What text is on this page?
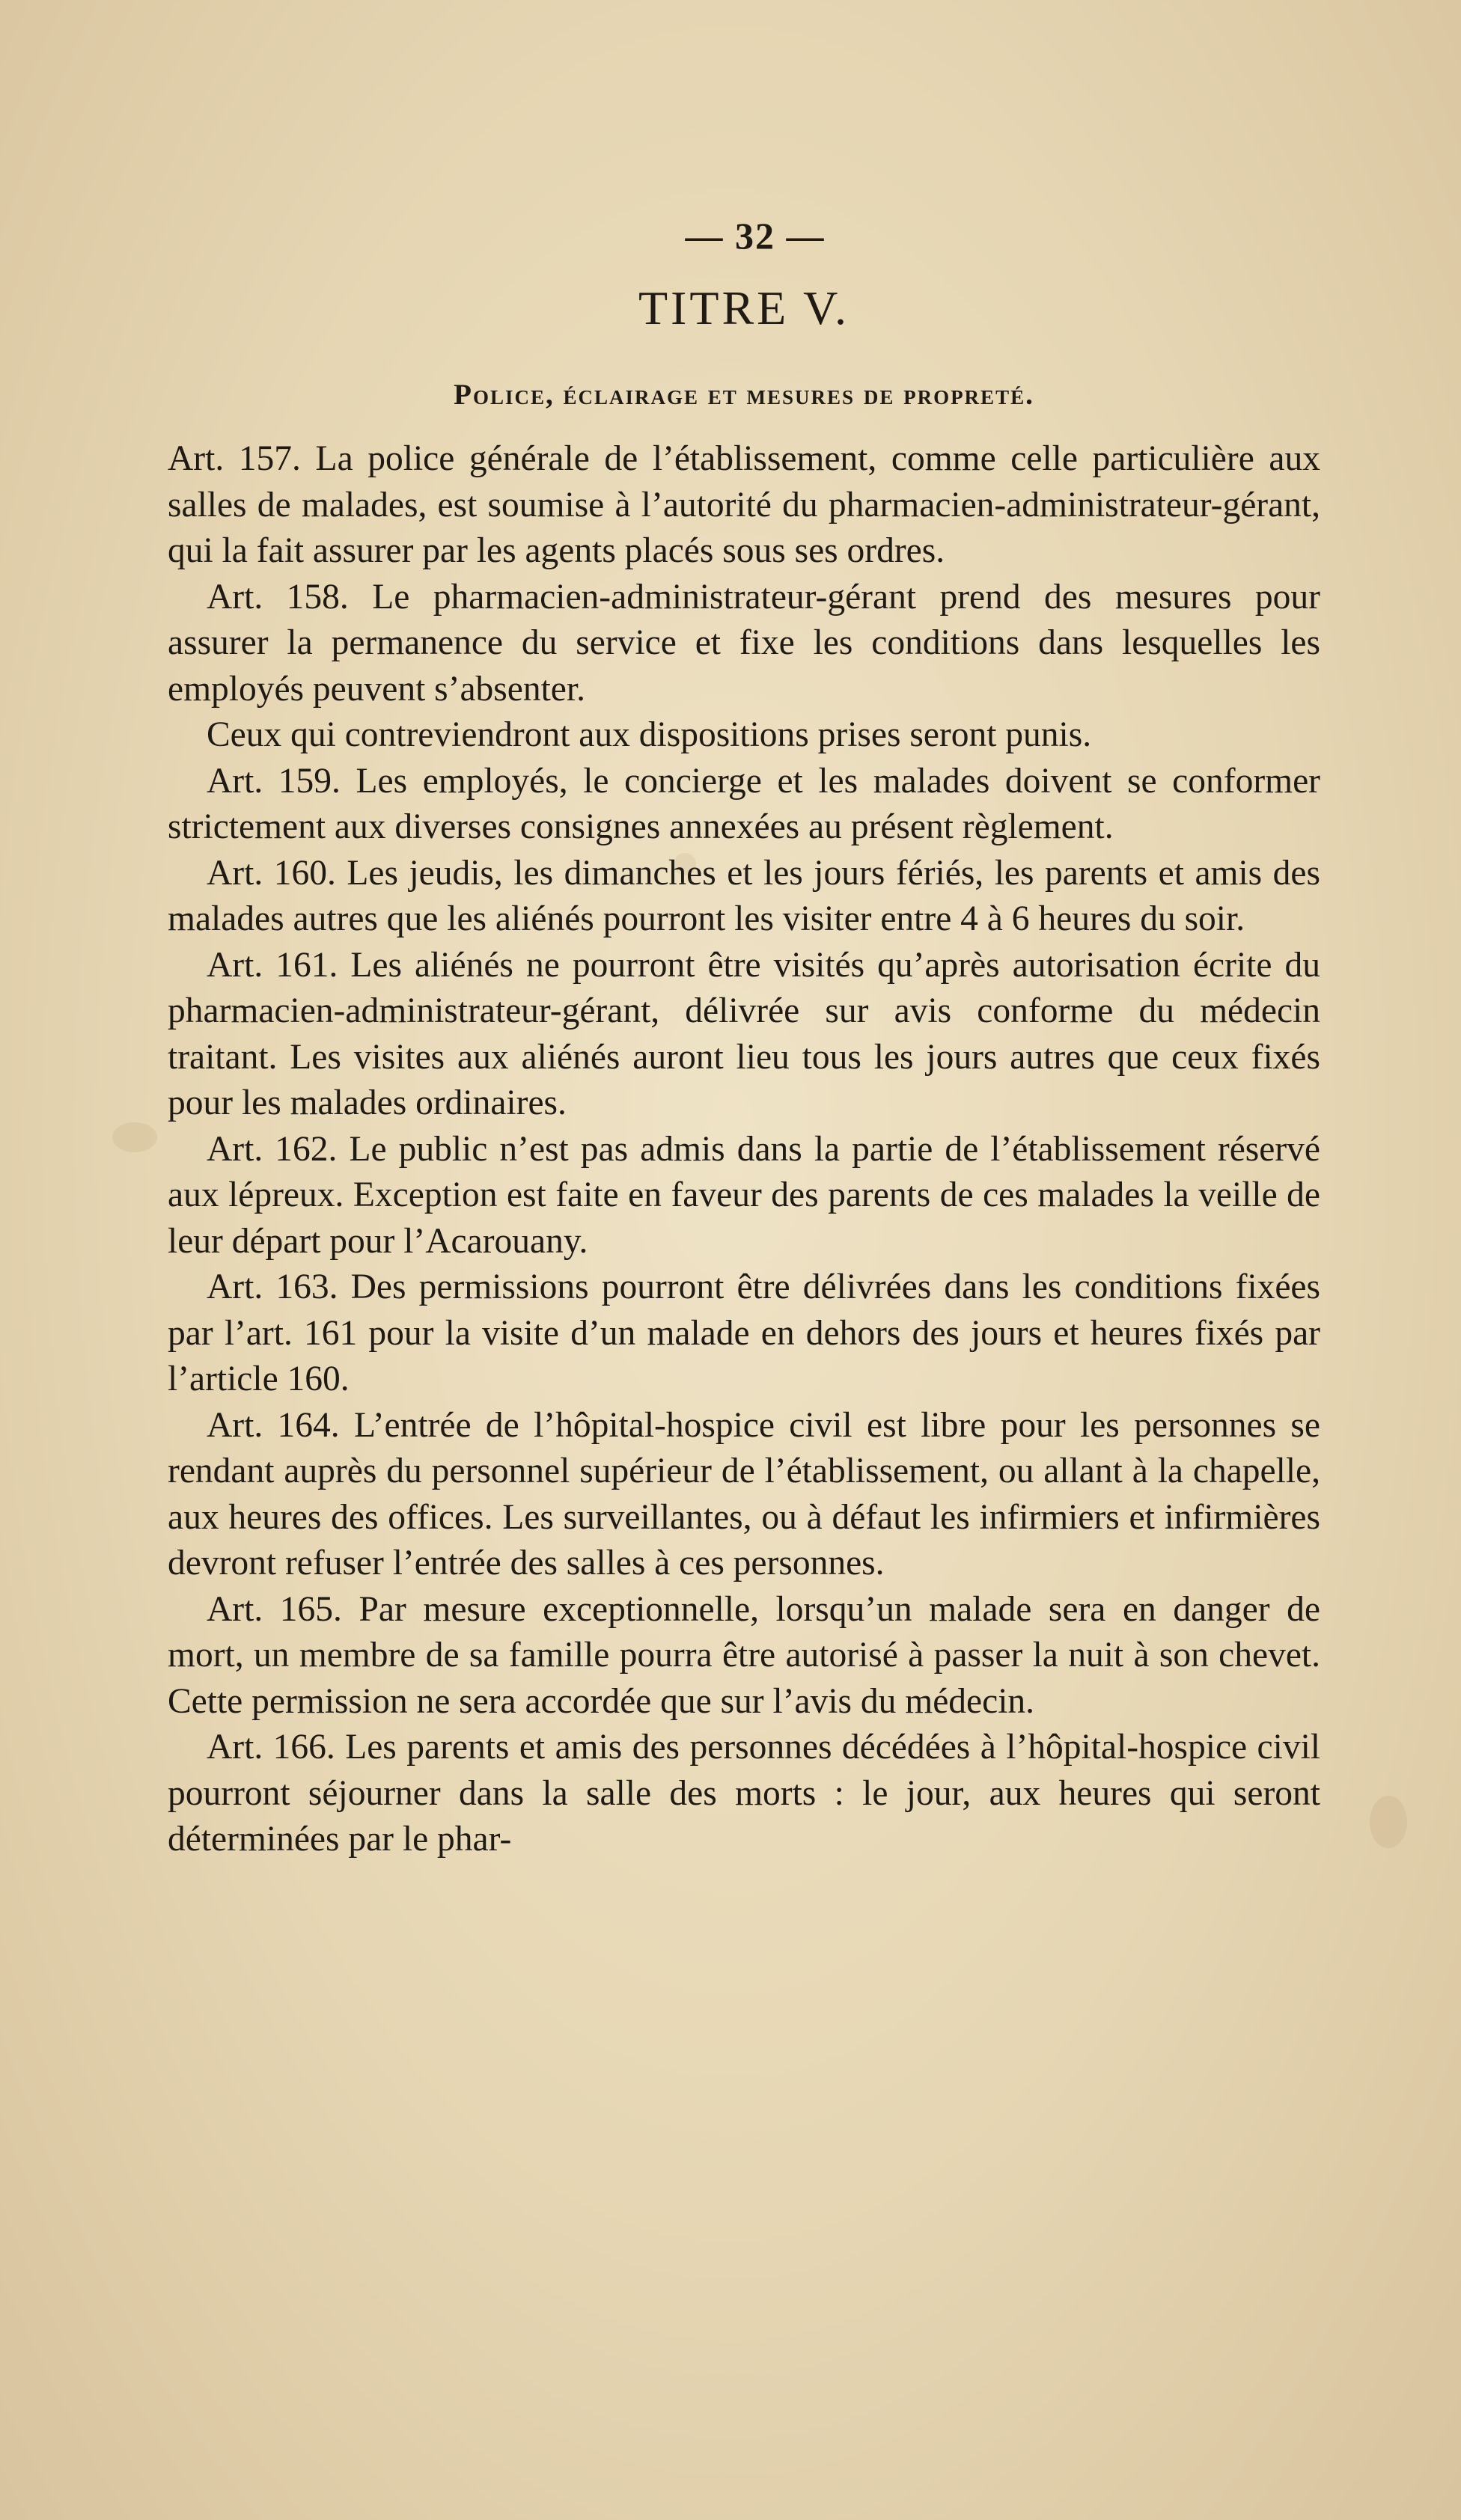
— 32 —
TITRE V.
Police, éclairage et mesures de propreté.

Art. 157. La police générale de l’établissement, comme celle particulière aux salles de malades, est soumise à l’autorité du pharmacien-administrateur-gérant, qui la fait assurer par les agents placés sous ses ordres.

Art. 158. Le pharmacien-administrateur-gérant prend des mesures pour assurer la permanence du service et fixe les conditions dans lesquelles les employés peuvent s’absenter.

Ceux qui contreviendront aux dispositions prises seront punis.

Art. 159. Les employés, le concierge et les malades doivent se conformer strictement aux diverses consignes annexées au présent règlement.

Art. 160. Les jeudis, les dimanches et les jours fériés, les parents et amis des malades autres que les aliénés pourront les visiter entre 4 à 6 heures du soir.

Art. 161. Les aliénés ne pourront être visités qu’après autorisation écrite du pharmacien-administrateur-gérant, délivrée sur avis conforme du médecin traitant. Les visites aux aliénés auront lieu tous les jours autres que ceux fixés pour les malades ordinaires.

Art. 162. Le public n’est pas admis dans la partie de l’établissement réservé aux lépreux. Exception est faite en faveur des parents de ces malades la veille de leur départ pour l’Acarouany.

Art. 163. Des permissions pourront être délivrées dans les conditions fixées par l’art. 161 pour la visite d’un malade en dehors des jours et heures fixés par l’article 160.

Art. 164. L’entrée de l’hôpital-hospice civil est libre pour les personnes se rendant auprès du personnel supérieur de l’établissement, ou allant à la chapelle, aux heures des offices. Les surveillantes, ou à défaut les infirmiers et infirmières devront refuser l’entrée des salles à ces personnes.

Art. 165. Par mesure exceptionnelle, lorsqu’un malade sera en danger de mort, un membre de sa famille pourra être autorisé à passer la nuit à son chevet. Cette permission ne sera accordée que sur l’avis du médecin.

Art. 166. Les parents et amis des personnes décédées à l’hôpital-hospice civil pourront séjourner dans la salle des morts : le jour, aux heures qui seront déterminées par le phar-
